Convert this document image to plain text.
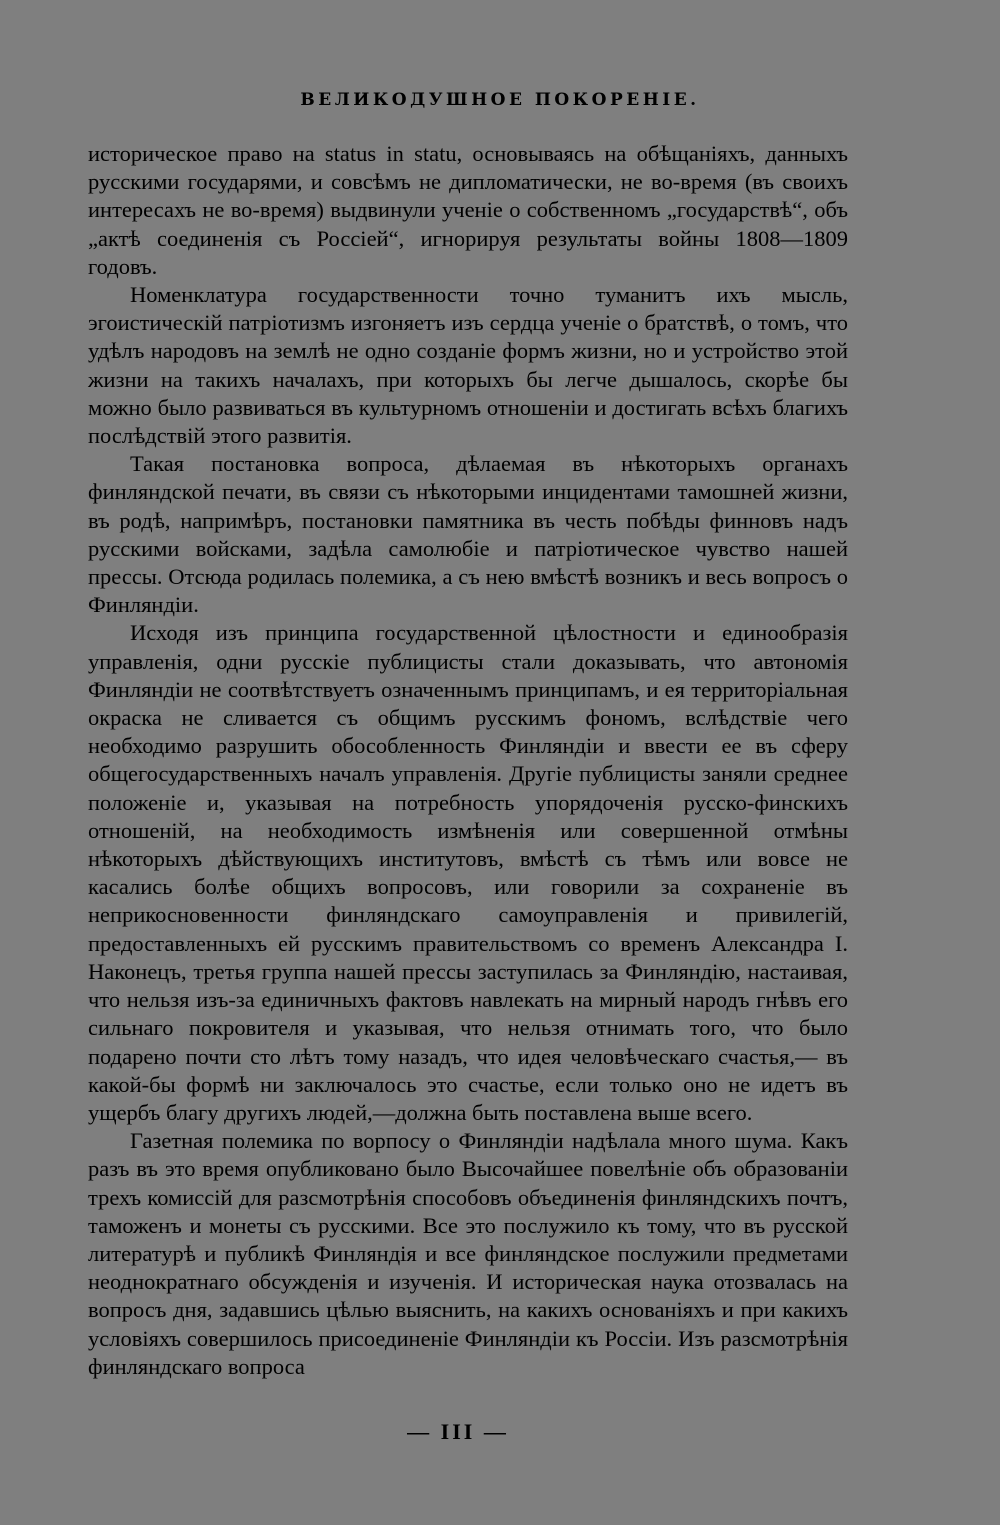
ВЕЛИКОДУШНОЕ ПОКОРЕНІЕ.

историческое право на status in statu, основываясь на обѣщаніяхъ, данныхъ русскими государями, и совсѣмъ не дипломатически, не во-время (въ своихъ интересахъ не во-время) выдвинули ученіе о собственномъ „государствѣ“, объ „актѣ соединенія съ Россіей“, игнорируя результаты войны 1808—1809 годовъ.

Номенклатура государственности точно туманитъ ихъ мысль, эгоистическій патріотизмъ изгоняетъ изъ сердца ученіе о братствѣ, о томъ, что удѣлъ народовъ на землѣ не одно созданіе формъ жизни, но и устройство этой жизни на такихъ началахъ, при которыхъ бы легче дышалось, скорѣе бы можно было развиваться въ культурномъ отношеніи и достигать всѣхъ благихъ послѣдствій этого развитія.

Такая постановка вопроса, дѣлаемая въ нѣкоторыхъ органахъ финляндской печати, въ связи съ нѣкоторыми инцидентами тамошней жизни, въ родѣ, напримѣръ, постановки памятника въ честь побѣды финновъ надъ русскими войсками, задѣла самолюбіе и патріотическое чувство нашей прессы. Отсюда родилась полемика, а съ нею вмѣстѣ возникъ и весь вопросъ о Финляндіи.

Исходя изъ принципа государственной цѣлостности и единообразія управленія, одни русскіе публицисты стали доказывать, что автономія Финляндіи не соотвѣтствуетъ означеннымъ принципамъ, и ея территоріальная окраска не сливается съ общимъ русскимъ фономъ, вслѣдствіе чего необходимо разрушить обособленность Финляндіи и ввести ее въ сферу общегосударственныхъ началъ управленія. Другіе публицисты заняли среднее положеніе и, указывая на потребность упорядоченія русско-финскихъ отношеній, на необходимость измѣненія или совершенной отмѣны нѣкоторыхъ дѣйствующихъ институтовъ, вмѣстѣ съ тѣмъ или вовсе не касались болѣе общихъ вопросовъ, или говорили за сохраненіе въ неприкосновенности финляндскаго самоуправленія и привилегій, предоставленныхъ ей русскимъ правительствомъ со временъ Александра I. Наконецъ, третья группа нашей прессы заступилась за Финляндію, настаивая, что нельзя изъ-за единичныхъ фактовъ навлекать на мирный народъ гнѣвъ его сильнаго покровителя и указывая, что нельзя отнимать того, что было подарено почти сто лѣтъ тому назадъ, что идея человѣческаго счастья,— въ какой-бы формѣ ни заключалось это счастье, если только оно не идетъ въ ущербъ благу другихъ людей,—должна быть поставлена выше всего.

Газетная полемика по ворпосу о Финляндіи надѣлала много шума. Какъ разъ въ это время опубликовано было Высочайшее повелѣніе объ образованіи трехъ комиссій для разсмотрѣнія способовъ объединенія финляндскихъ почтъ, таможенъ и монеты съ русскими. Все это послужило къ тому, что въ русской литературѣ и публикѣ Финляндія и все финляндское послужили предметами неоднократнаго обсужденія и изученія. И историческая наука отозвалась на вопросъ дня, задавшись цѣлью выяснить, на какихъ основаніяхъ и при какихъ условіяхъ совершилось присоединеніе Финляндіи къ Россіи. Изъ разсмотрѣнія финляндскаго вопроса

— III —
